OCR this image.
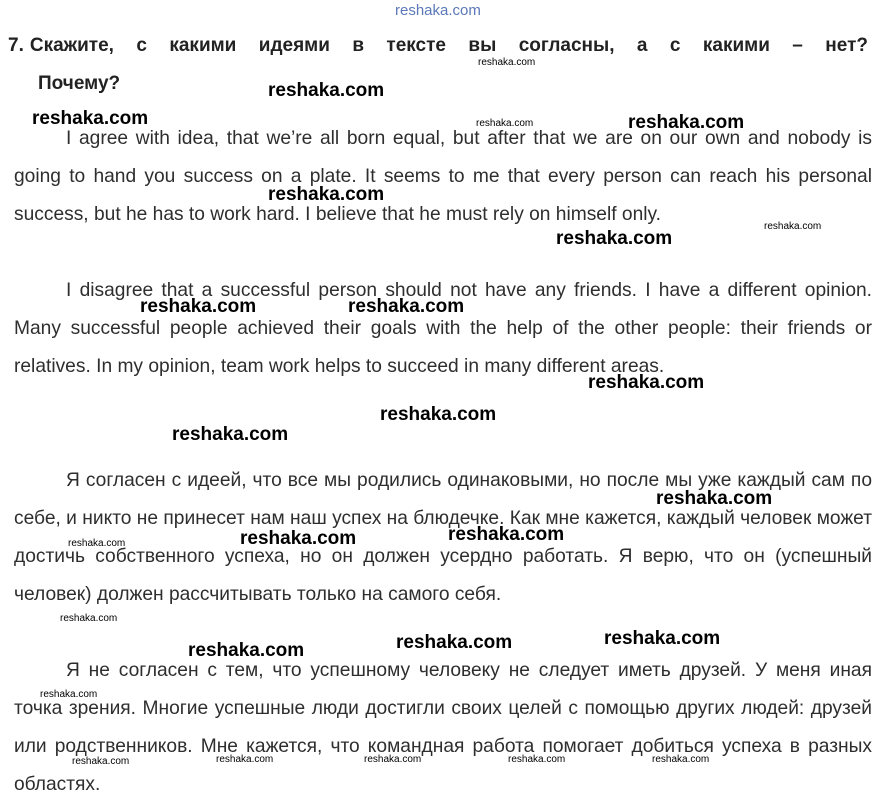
reshaka.com
7. Скажите, с какими идеями в тексте вы согласны, а с какими – нет?
Почему?

I agree with idea, that we’re all born equal, but after that we are on our own and nobody is going to hand you success on a plate. It seems to me that every person can reach his personal success, but he has to work hard. I believe that he must rely on himself only.

I disagree that a successful person should not have any friends. I have a different opinion. Many successful people achieved their goals with the help of the other people: their friends or relatives. In my opinion, team work helps to succeed in many different areas.

Я согласен с идеей, что все мы родились одинаковыми, но после мы уже каждый сам по себе, и никто не принесет нам наш успех на блюдечке. Как мне кажется, каждый человек может достичь собственного успеха, но он должен усердно работать. Я верю, что он (успешный человек) должен рассчитывать только на самого себя.

Я не согласен с тем, что успешному человеку не следует иметь друзей. У меня иная точка зрения. Многие успешные люди достигли своих целей с помощью других людей: друзей или родственников. Мне кажется, что командная работа помогает добиться успеха в разных областях.

reshaka.com
reshaka.com	reshaka.com
reshaka.com
reshaka.com
reshaka.com	reshaka.com
reshaka.com
reshaka.com
reshaka.com
reshaka.com
reshaka.com
reshaka.com
reshaka.com
reshaka.com
reshaka.com
reshaka.com
reshaka.com
reshaka.com
reshaka.com
reshaka.com
reshaka.com
reshaka.com	reshaka.com	reshaka.com	reshaka.com	reshaka.com
